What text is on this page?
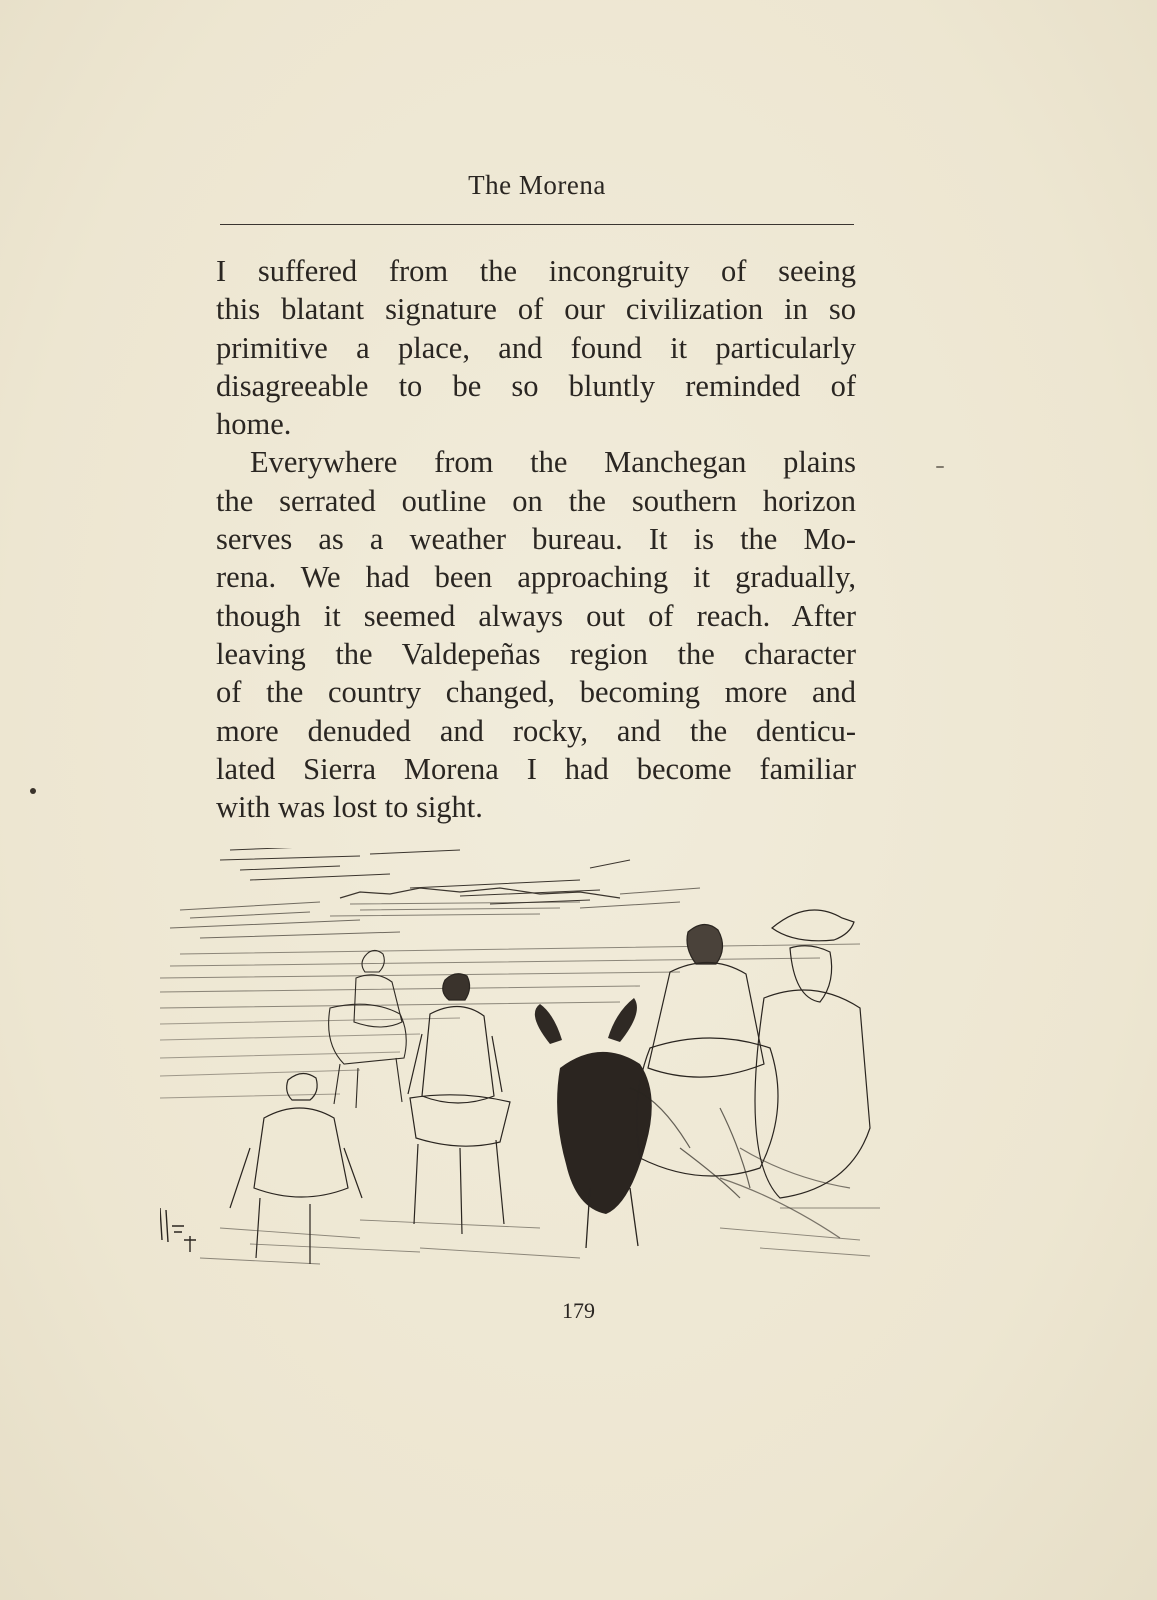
The Morena
I suffered from the incongruity of seeing
this blatant signature of our civilization in so
primitive a place, and found it particularly
disagreeable to be so bluntly reminded of
home.
Everywhere from the Manchegan plains
the serrated outline on the southern horizon
serves as a weather bureau. It is the Mo-
rena. We had been approaching it gradually,
though it seemed always out of reach. After
leaving the Valdepeñas region the character
of the country changed, becoming more and
more denuded and rocky, and the denticu-
lated Sierra Morena I had become familiar
with was lost to sight.
179
